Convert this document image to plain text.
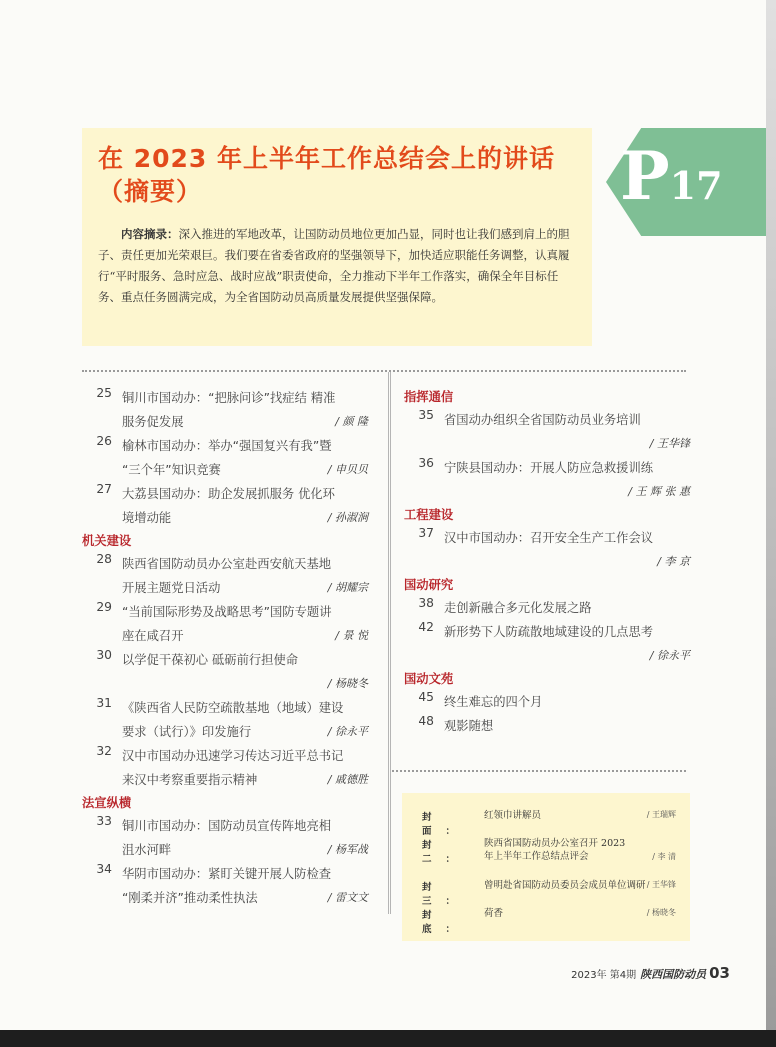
在 2023 年上半年工作总结会上的讲话（摘要）
内容摘录：深入推进的军地改革，让国防动员地位更加凸显，同时也让我们感到肩上的胆子、责任更加光荣艰巨。我们要在省委省政府的坚强领导下，加快适应职能任务调整，认真履行“平时服务、急时应急、战时应战”职责使命，全力推动下半年工作落实，确保全年目标任务、重点任务圆满完成，为全省国防动员高质量发展提供坚强保障。
P17
25 铜川市国动办：“把脉问诊”找症结 精准
服务促发展	/ 颜 隆
26 榆林市国动办：举办“强国复兴有我”暨
“三个年”知识竞赛	/ 申贝贝
27 大荔县国动办：助企发展抓服务 优化环
境增动能	/ 孙淑涧
机关建设
28 陕西省国防动员办公室赴西安航天基地
开展主题党日活动	/ 胡耀宗
29 “当前国际形势及战略思考”国防专题讲
座在咸召开	/ 景 悦
30 以学促干葆初心 砥砺前行担使命
/ 杨晓冬
31 《陕西省人民防空疏散基地（地域）建设
要求（试行）》印发施行	/ 徐永平
32 汉中市国动办迅速学习传达习近平总书记
来汉中考察重要指示精神	/ 戚德胜
法宣纵横
33 铜川市国动办：国防动员宣传阵地亮相
沮水河畔	/ 杨军战
34 华阴市国动办：紧盯关键开展人防检查
“刚柔并济”推动柔性执法	/ 雷文文
指挥通信
35 省国动办组织全省国防动员业务培训
/ 王华锋
36 宁陕县国动办：开展人防应急救援训练
/ 王 辉 张 惠
工程建设
37 汉中市国动办：召开安全生产工作会议
/ 李 京
国动研究
38 走创新融合多元化发展之路
42 新形势下人防疏散地域建设的几点思考
/ 徐永平
国动文苑
45 终生难忘的四个月
48 观影随想
封面：
红领巾讲解员	/ 王瑞辉
封二：
陕西省国防动员办公室召开 2023 年上半年工作总结点评会	/ 李 清
封三：
曾明赴省国防动员委员会成员单位调研 / 王华锋
封底：
荷香	/ 杨晓冬
2023年 第4期 陕西国防动员 03
